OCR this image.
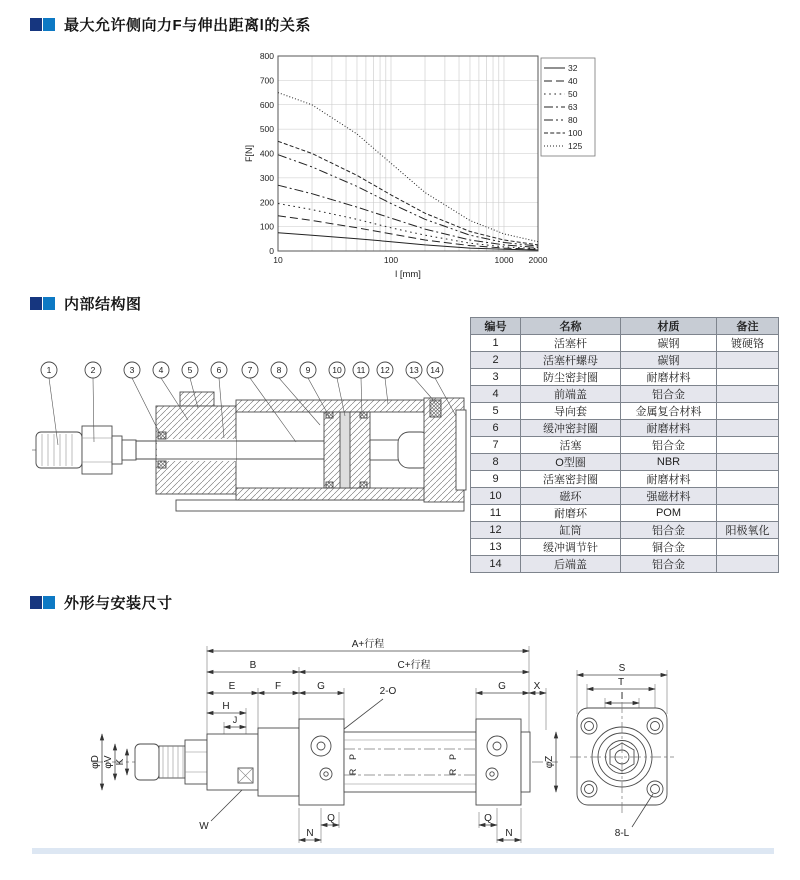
最大允许侧向力F与伸出距离l的关系
内部结构图
外形与安装尺寸
0
100
200
300
400
500
600
700
800
10	100	1000 2000
F[N]
l [mm]
32
40
50
63
80
100
125
1	2	3	4	5	6	7	8	9	10 11 12 13 14
编号	名称	材质	备注
1	活塞杆	碳钢	镀硬铬
2	活塞杆螺母	碳钢	
3	防尘密封圈	耐磨材料	
4	前端盖	铝合金	
5	导向套	金属复合材料	
6	缓冲密封圈	耐磨材料	
7	活塞	铝合金	
8	O型圈	NBR	
9	活塞密封圈	耐磨材料	
10	磁环	强磁材料	
11	耐磨环	POM	
12	缸筒	铝合金	阳极氧化
13	缓冲调节针	铜合金	
14	后端盖	铝合金	
A+行程
B	C+行程
E	F	G	G	X
H
J
2-O
φD φV K
W
P
R
P
R
Q	Q
N	N
φZ
S
T
I
8-L
